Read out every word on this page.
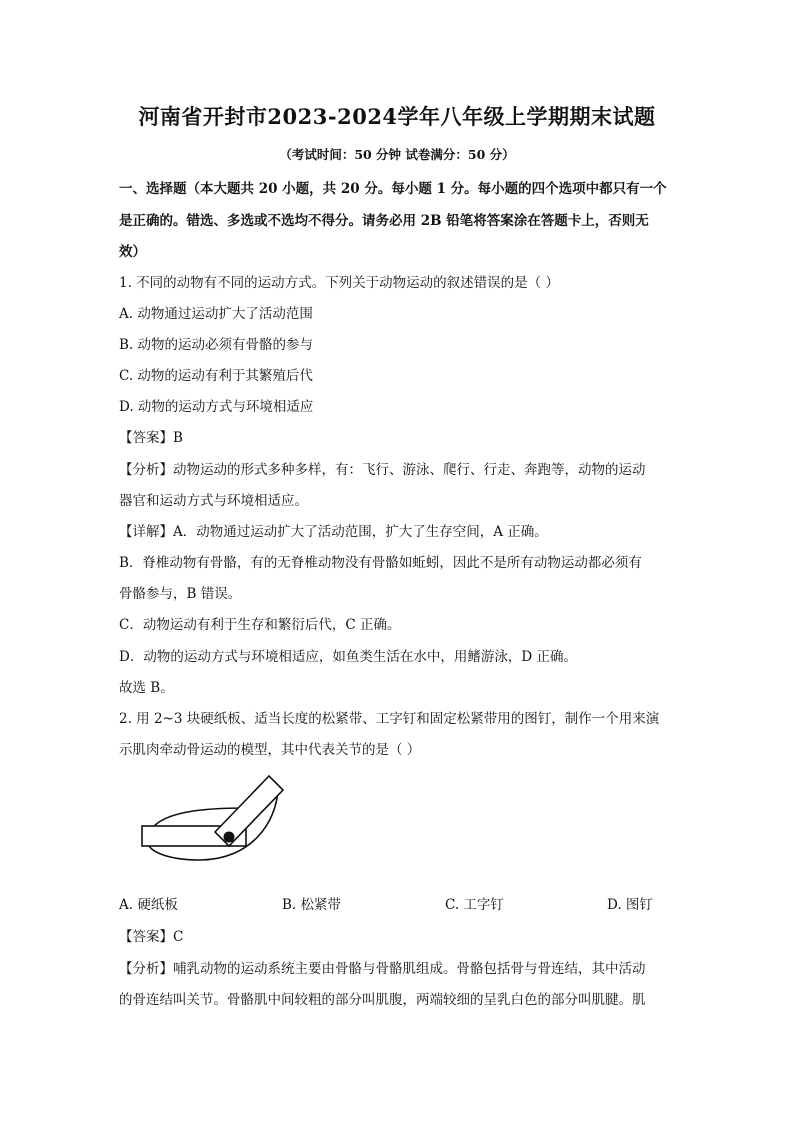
河南省开封市2023-2024学年八年级上学期期末试题
（考试时间：50 分钟 试卷满分：50 分）
一、选择题（本大题共 20 小题，共 20 分。每小题 1 分。每小题的四个选项中都只有一个
是正确的。错选、多选或不选均不得分。请务必用 2B 铅笔将答案涂在答题卡上，否则无
效）
1. 不同的动物有不同的运动方式。下列关于动物运动的叙述错误的是（ ）
A. 动物通过运动扩大了活动范围
B. 动物的运动必须有骨骼的参与
C. 动物的运动有利于其繁殖后代
D. 动物的运动方式与环境相适应
【答案】B
【分析】动物运动的形式多种多样，有：飞行、游泳、爬行、行走、奔跑等，动物的运动
器官和运动方式与环境相适应。
【详解】A．动物通过运动扩大了活动范围，扩大了生存空间，A 正确。
B．脊椎动物有骨骼，有的无脊椎动物没有骨骼如蚯蚓，因此不是所有动物运动都必须有
骨骼参与，B 错误。
C．动物运动有利于生存和繁衍后代，C 正确。
D．动物的运动方式与环境相适应，如鱼类生活在水中，用鳍游泳，D 正确。
故选 B。
2. 用 2~3 块硬纸板、适当长度的松紧带、工字钉和固定松紧带用的图钉，制作一个用来演
示肌肉牵动骨运动的模型，其中代表关节的是（ ）
A. 硬纸板	B. 松紧带	C. 工字钉	D. 图钉
【答案】C
【分析】哺乳动物的运动系统主要由骨骼与骨骼肌组成。骨骼包括骨与骨连结，其中活动
的骨连结叫关节。骨骼肌中间较粗的部分叫肌腹，两端较细的呈乳白色的部分叫肌腱。肌
